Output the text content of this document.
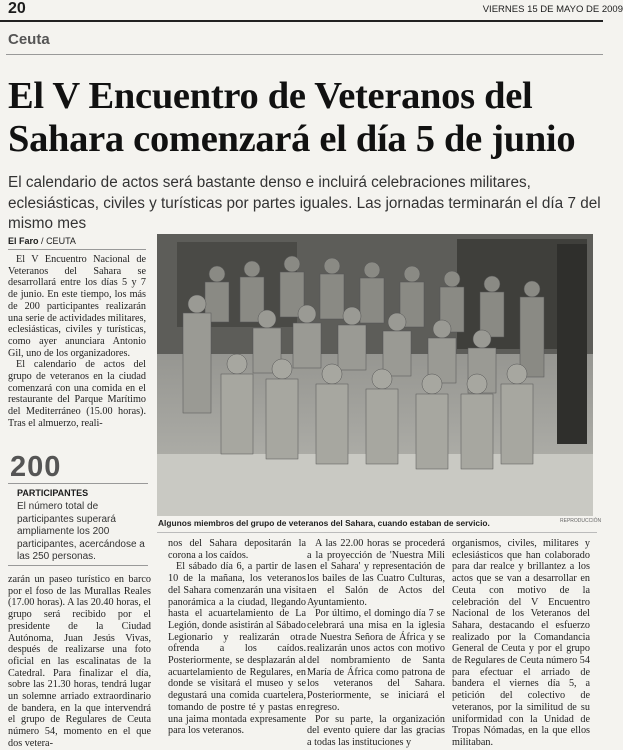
20	VIERNES 15 DE MAYO DE 2009
Ceuta
El V Encuentro de Veteranos del
Sahara comenzará el día 5 de junio
El calendario de actos será bastante denso e incluirá celebraciones militares, eclesiásticas, civiles y turísticas por partes iguales. Las jornadas terminarán el día 7 del mismo mes
El Faro / CEUTA

El V Encuentro Nacional de Veteranos del Sahara se desarrollará entre los días 5 y 7 de junio. En este tiempo, los más de 200 participantes realizarán una serie de actividades militares, eclesiásticas, civiles y turísticas, como ayer anunciara Antonio Gil, uno de los organizadores.

El calendario de actos del grupo de veteranos en la ciudad comenzará con una comida en el restaurante del Parque Marítimo del Mediterráneo (15.00 horas). Tras el almuerzo, reali-

200
PARTICIPANTES
El número total de participantes superará ampliamente los 200 participantes, acercándose a las 250 personas.
Algunos miembros del grupo de veteranos del Sahara, cuando estaban de servicio.	REPRODUCCIÓN
zarán un paseo turístico en barco por el foso de las Murallas Reales (17.00 horas). A las 20.40 horas, el grupo será recibido por el presidente de la Ciudad Autónoma, Juan Jesús Vivas, después de realizarse una foto oficial en las escalinatas de la Catedral. Para finalizar el día, sobre las 21.30 horas, tendrá lugar un solemne arriado extraordinario de bandera, en la que intervendrá el grupo de Regulares de Ceuta número 54, momento en el que dos vetera-

nos del Sahara depositarán la corona a los caídos.

El sábado día 6, a partir de las 10 de la mañana, los veteranos del Sahara comenzarán una visita panorámica a la ciudad, llegando hasta el acuartelamiento de La Legión, donde asistirán al Sábado Legionario y realizarán otra ofrenda a los caídos. Posteriormente, se desplazarán al acuartelamiento de Regulares, en donde se visitará el museo y se degustará una comida cuartelera, tomando de postre té y pastas en una jaima montada expresamente para los veteranos.

A las 22.00 horas se procederá a la proyección de 'Nuestra Mili en el Sahara' y representación de los bailes de las Cuatro Culturas, en el Salón de Actos del Ayuntamiento.

Por último, el domingo día 7 se celebrará una misa en la iglesia de Nuestra Señora de África y se realizarán unos actos con motivo del nombramiento de Santa María de África como patrona de los veteranos del Sahara. Posteriormente, se iniciará el regreso.

Por su parte, la organización del evento quiere dar las gracias a todas las instituciones y

organismos, civiles, militares y eclesiásticos que han colaborado para dar realce y brillantez a los actos que se van a desarrollar en Ceuta con motivo de la celebración del V Encuentro Nacional de los Veteranos del Sahara, destacando el esfuerzo realizado por la Comandancia General de Ceuta y por el grupo de Regulares de Ceuta número 54 para efectuar el arriado de bandera el viernes día 5, a petición del colectivo de veteranos, por la similitud de su uniformidad con la Unidad de Tropas Nómadas, en la que ellos militaban.
